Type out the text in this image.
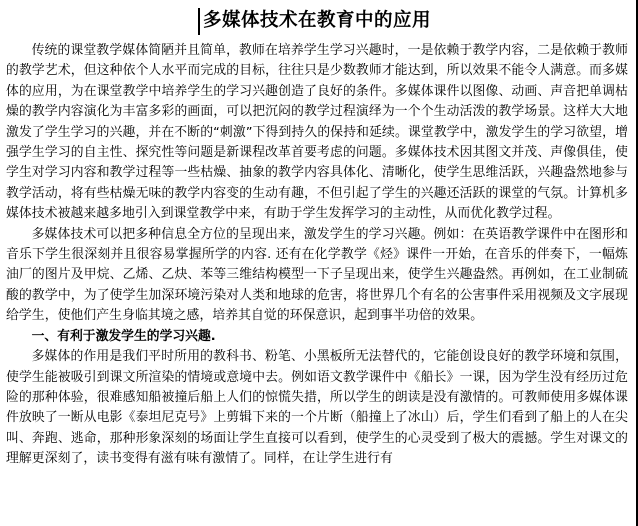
多媒体技术在教育中的应用

传统的课堂教学媒体简陋并且简单，教师在培养学生学习兴趣时，一是依赖于教学内容，二是依赖于教师的教学艺术，但这种依个人水平而完成的目标，往往只是少数教师才能达到，所以效果不能令人满意。而多媒体的应用，为在课堂教学中培养学生的学习兴趣创造了良好的条件。多媒体课件以图像、动画、声音把单调枯燥的教学内容演化为丰富多彩的画面，可以把沉闷的教学过程演绎为一个个生动活泼的教学场景。这样大大地激发了学生学习的兴趣，并在不断的“刺激”下得到持久的保持和延续。课堂教学中，激发学生的学习欲望，增强学生学习的自主性、探究性等问题是新课程改革首要考虑的问题。多媒体技术因其图文并茂、声像俱佳，使学生对学习内容和教学过程等一些枯燥、抽象的教学内容具体化、清晰化，使学生思维活跃，兴趣盎然地参与教学活动，将有些枯燥无味的教学内容变的生动有趣，不但引起了学生的兴趣还活跃的课堂的气氛。计算机多媒体技术被越来越多地引入到课堂教学中来，有助于学生发挥学习的主动性，从而优化教学过程。

多媒体技术可以把多种信息全方位的呈现出来，激发学生的学习兴趣。例如：在英语教学课件中在图形和音乐下学生很深刻并且很容易掌握所学的内容. 还有在化学教学《烃》课件一开始，在音乐的伴奏下，一幅炼油厂的图片及甲烷、乙烯、乙炔、苯等三维结构模型一下子呈现出来，使学生兴趣盎然。再例如，在工业制硫酸的教学中，为了使学生加深环境污染对人类和地球的危害，将世界几个有名的公害事件采用视频及文字展现给学生，使他们产生身临其境之感，培养其自觉的环保意识，起到事半功倍的效果。

一、有利于激发学生的学习兴趣.

多媒体的作用是我们平时所用的教科书、粉笔、小黑板所无法替代的，它能创设良好的教学环境和氛围，使学生能被吸引到课文所渲染的情境或意境中去。例如语文教学课件中《船长》一课，因为学生没有经历过危险的那种体验，很难感知船被撞后船上人们的惊慌失措，所以学生的朗读是没有激情的。可教师使用多媒体课件放映了一断从电影《泰坦尼克号》上剪辑下来的一个片断（船撞上了冰山）后，学生们看到了船上的人在尖叫、奔跑、逃命，那种形象深刻的场面让学生直接可以看到，使学生的心灵受到了极大的震撼。学生对课文的理解更深刻了，读书变得有滋有味有激情了。同样，在让学生进行有
